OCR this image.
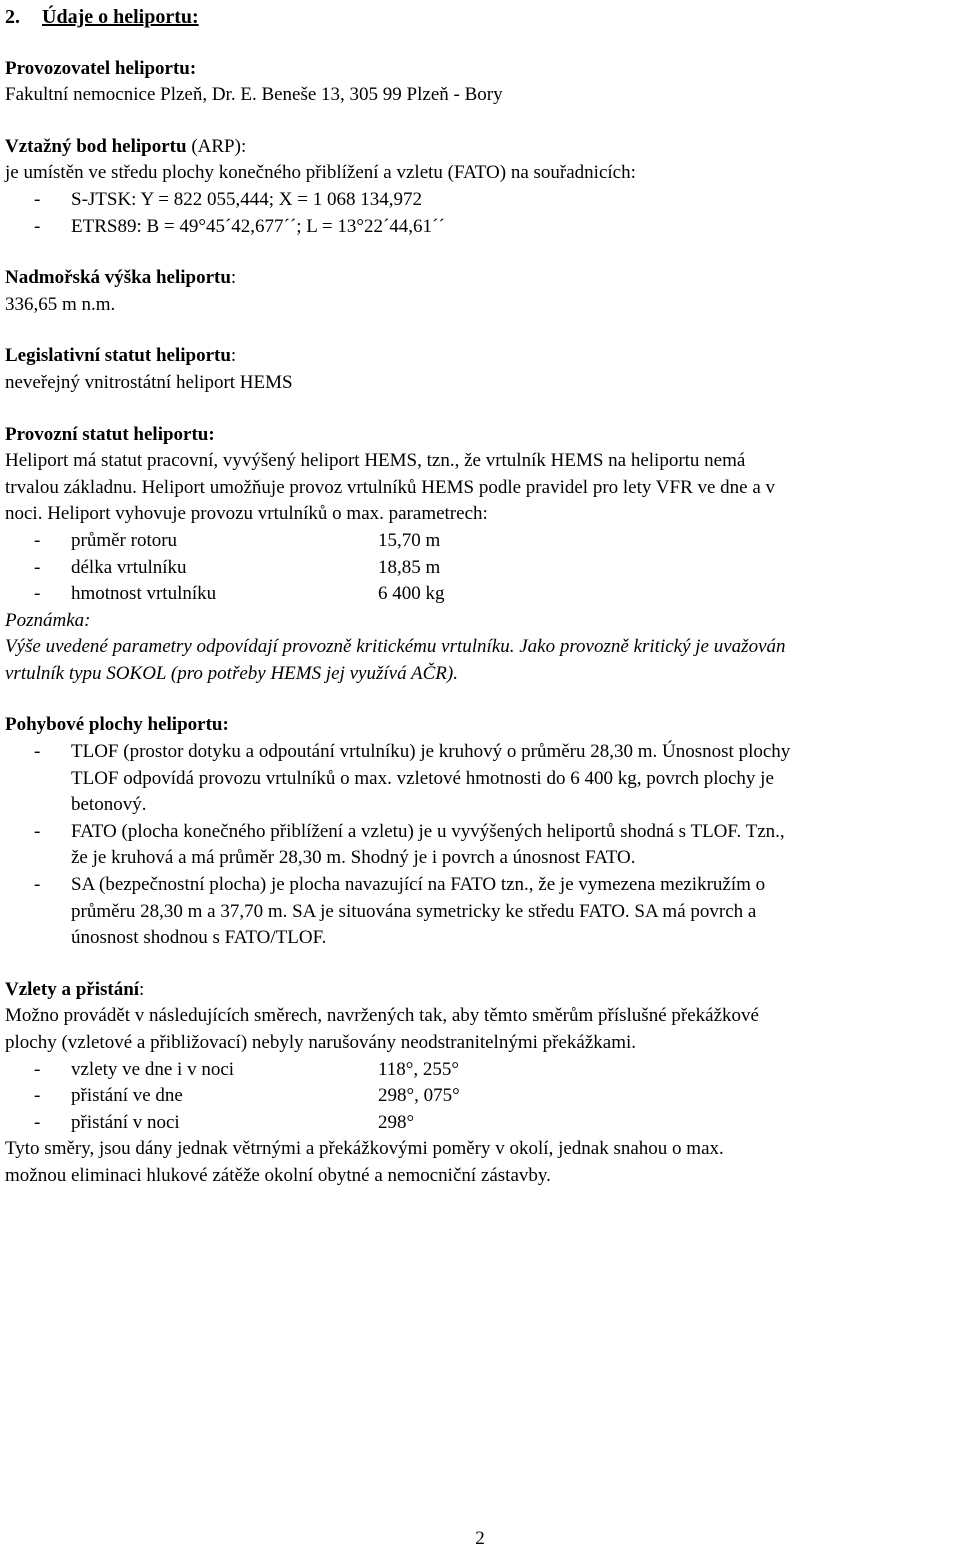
2. Údaje o heliportu:
Provozovatel heliportu:
Fakultní nemocnice Plzeň, Dr. E. Beneše 13, 305 99 Plzeň - Bory
Vztažný bod heliportu (ARP):
je umístěn ve středu plochy konečného přiblížení a vzletu (FATO) na souřadnicích:
-	S-JTSK: Y = 822 055,444; X = 1 068 134,972
-	ETRS89: B = 49°45´42,677´´; L = 13°22´44,61´´
Nadmořská výška heliportu:
336,65 m n.m.
Legislativní statut heliportu:
neveřejný vnitrostátní heliport HEMS
Provozní statut heliportu:
Heliport má statut pracovní, vyvýšený heliport HEMS, tzn., že vrtulník HEMS na heliportu nemá
trvalou základnu. Heliport umožňuje provoz vrtulníků HEMS podle pravidel pro lety VFR ve dne a v
noci. Heliport vyhovuje provozu vrtulníků o max. parametrech:
-	průměr rotoru	15,70 m
-	délka vrtulníku	18,85 m
-	hmotnost vrtulníku	6 400 kg
Poznámka:
Výše uvedené parametry odpovídají provozně kritickému vrtulníku. Jako provozně kritický je uvažován
vrtulník typu SOKOL (pro potřeby HEMS jej využívá AČR).
Pohybové plochy heliportu:
-	TLOF (prostor dotyku a odpoutání vrtulníku) je kruhový o průměru 28,30 m. Únosnost plochy
TLOF odpovídá provozu vrtulníků o max. vzletové hmotnosti do 6 400 kg, povrch plochy je
betonový.
-	FATO (plocha konečného přiblížení a vzletu) je u vyvýšených heliportů shodná s TLOF. Tzn.,
že je kruhová a má průměr 28,30 m. Shodný je i povrch a únosnost FATO.
-	SA (bezpečnostní plocha) je plocha navazující na FATO tzn., že je vymezena mezikružím o
průměru 28,30 m a 37,70 m. SA je situována symetricky ke středu FATO. SA má povrch a
únosnost shodnou s FATO/TLOF.
Vzlety a přistání:
Možno provádět v následujících směrech, navržených tak, aby těmto směrům příslušné překážkové
plochy (vzletové a přibližovací) nebyly narušovány neodstranitelnými překážkami.
-	vzlety ve dne i v noci	118°, 255°
-	přistání ve dne	298°, 075°
-	přistání v noci	298°
Tyto směry, jsou dány jednak větrnými a překážkovými poměry v okolí, jednak snahou o max.
možnou eliminaci hlukové zátěže okolní obytné a nemocniční zástavby.
2
